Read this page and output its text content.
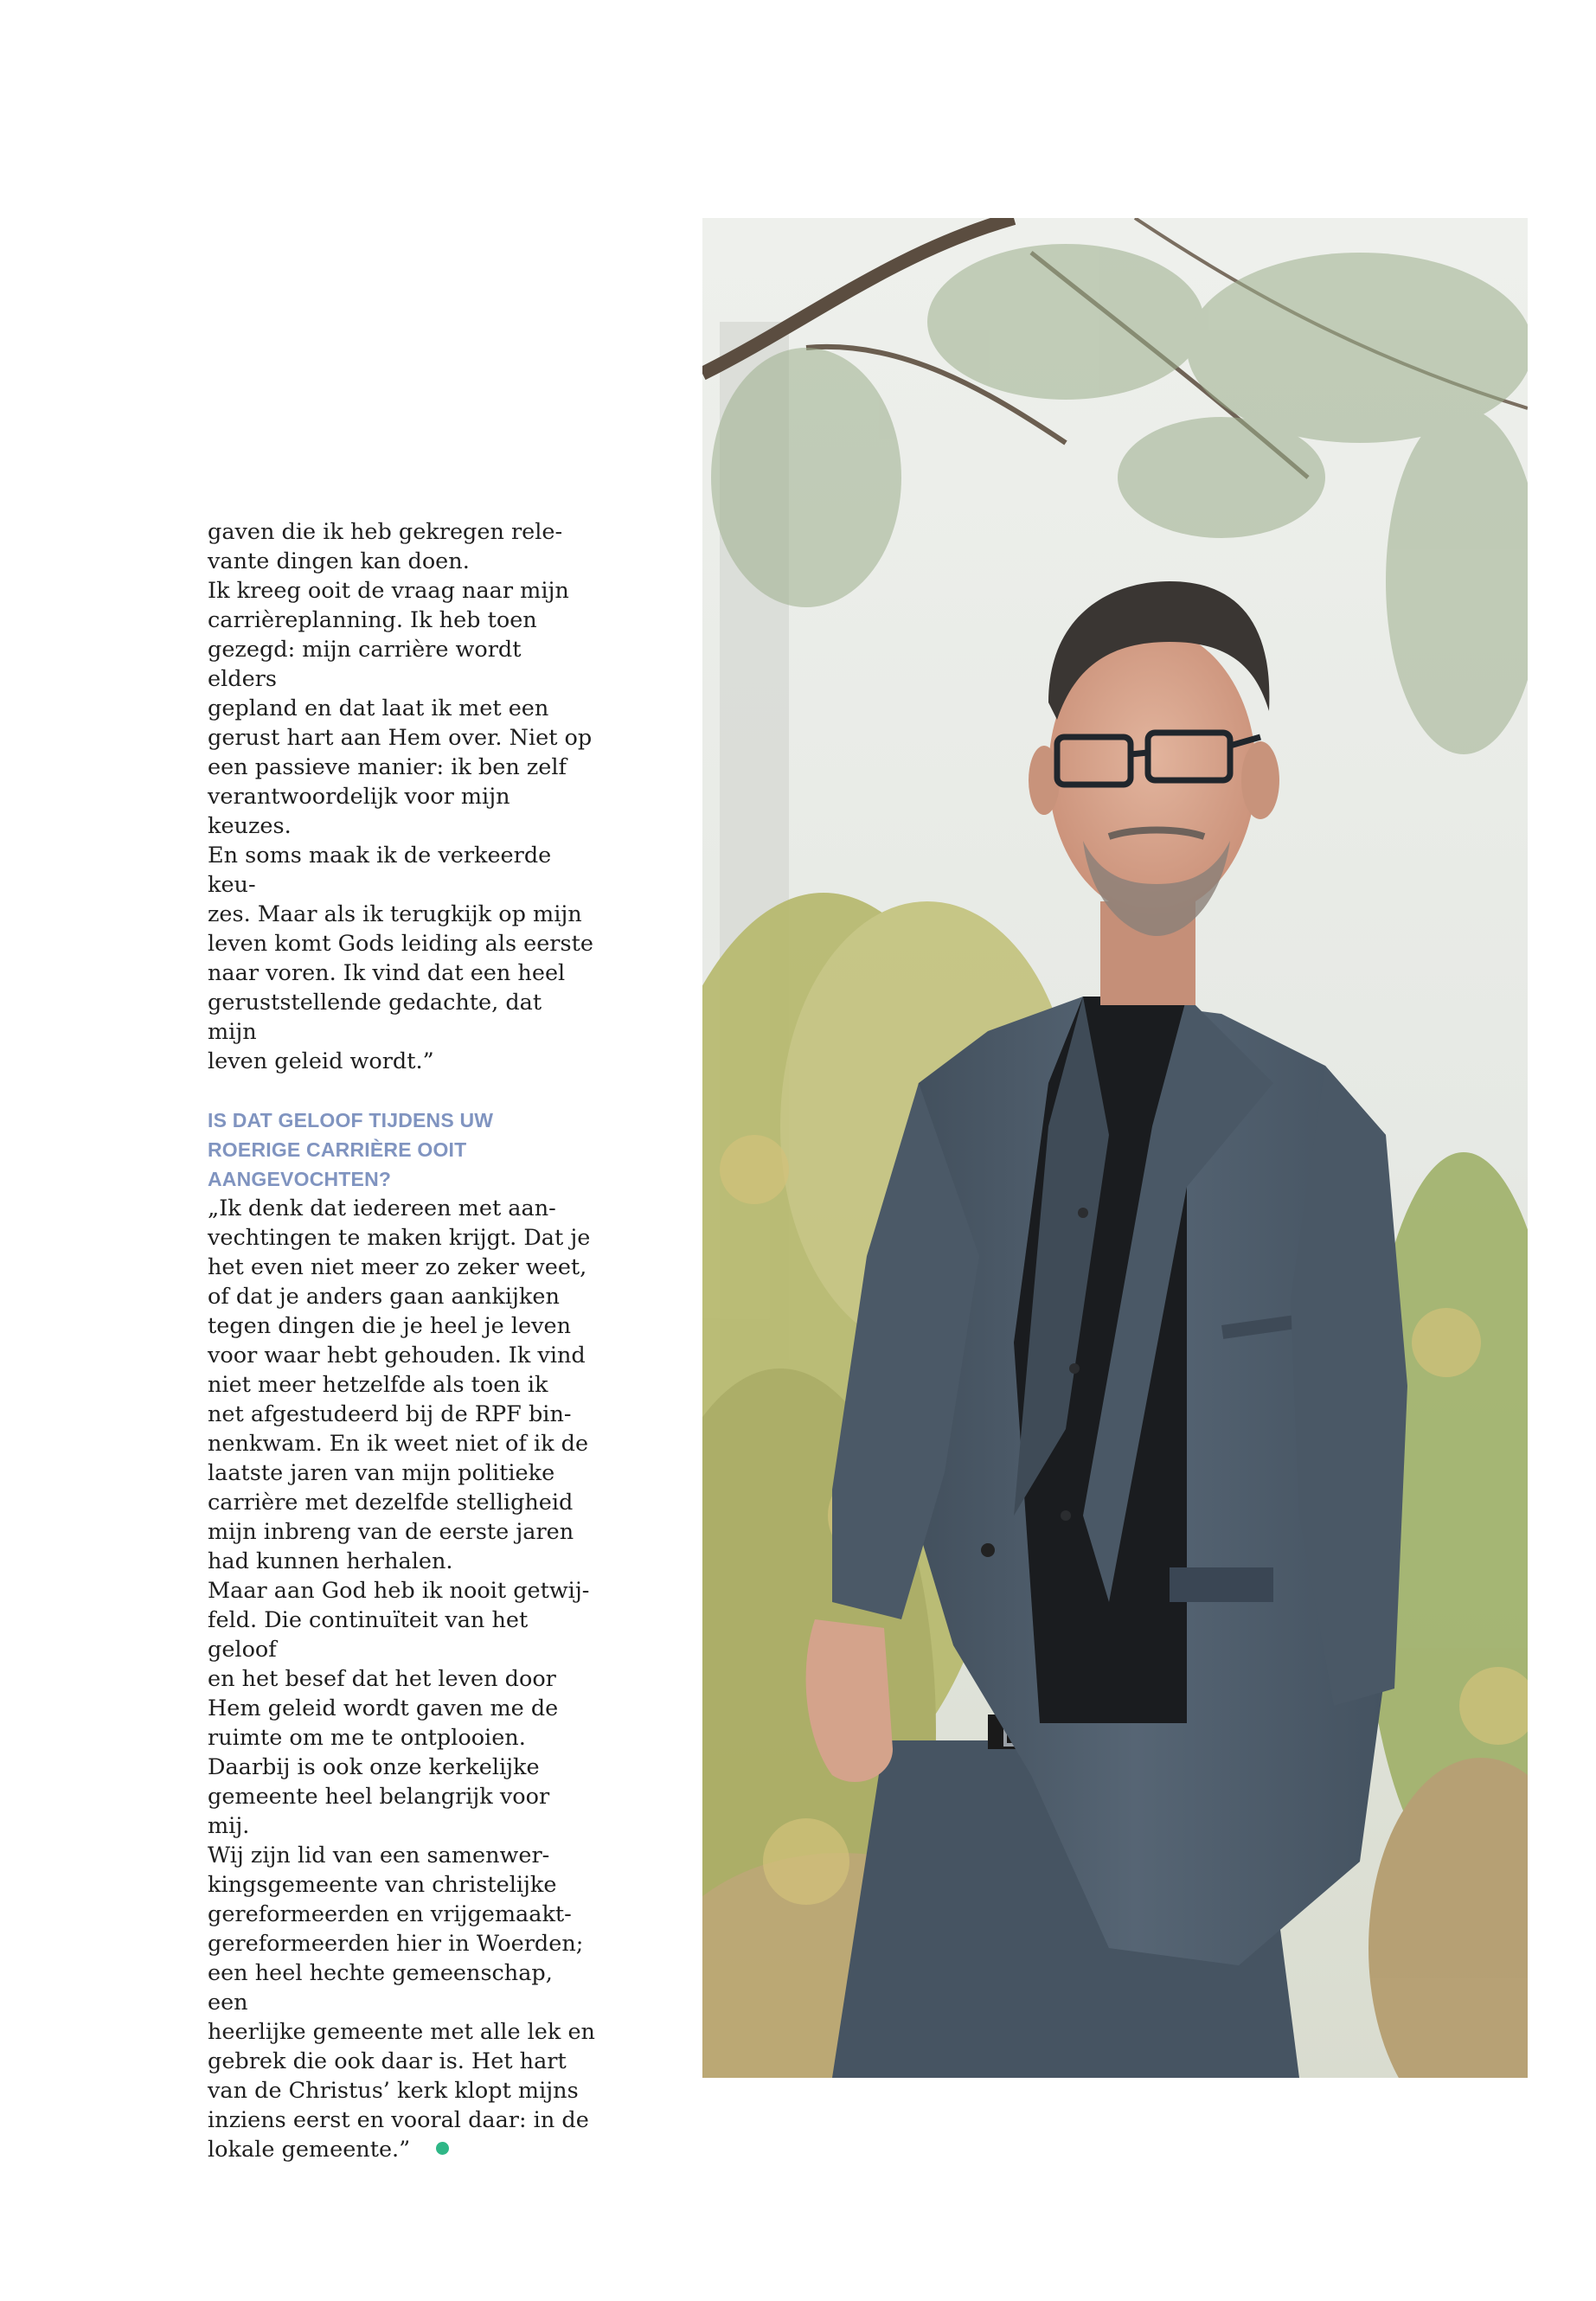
gaven die ik heb gekregen rele-
vante dingen kan doen.

Ik kreeg ooit de vraag naar mijn
carrièreplanning. Ik heb toen
gezegd: mijn carrière wordt elders
gepland en dat laat ik met een
gerust hart aan Hem over. Niet op
een passieve manier: ik ben zelf
verantwoordelijk voor mijn keuzes.
En soms maak ik de verkeerde keu-
zes. Maar als ik terugkijk op mijn
leven komt Gods leiding als eerste
naar voren. Ik vind dat een heel
geruststellende gedachte, dat mijn
leven geleid wordt.”

IS DAT GELOOF TIJDENS UW
ROERIGE CARRIÈRE OOIT
AANGEVOCHTEN?

„Ik denk dat iedereen met aan-
vechtingen te maken krijgt. Dat je
het even niet meer zo zeker weet,
of dat je anders gaan aankijken
tegen dingen die je heel je leven
voor waar hebt gehouden. Ik vind
niet meer hetzelfde als toen ik
net afgestudeerd bij de RPF bin-
nenkwam. En ik weet niet of ik de
laatste jaren van mijn politieke
carrière met dezelfde stelligheid
mijn inbreng van de eerste jaren
had kunnen herhalen.

Maar aan God heb ik nooit getwij-
feld. Die continuïteit van het geloof
en het besef dat het leven door
Hem geleid wordt gaven me de
ruimte om me te ontplooien.
Daarbij is ook onze kerkelijke
gemeente heel belangrijk voor mij.
Wij zijn lid van een samenwer-
kingsgemeente van christelijke
gereformeerden en vrijgemaakt-
gereformeerden hier in Woerden;
een heel hechte gemeenschap, een
heerlijke gemeente met alle lek en
gebrek die ook daar is. Het hart
van de Christus’ kerk klopt mijns
inziens eerst en vooral daar: in de
lokale gemeente.”
